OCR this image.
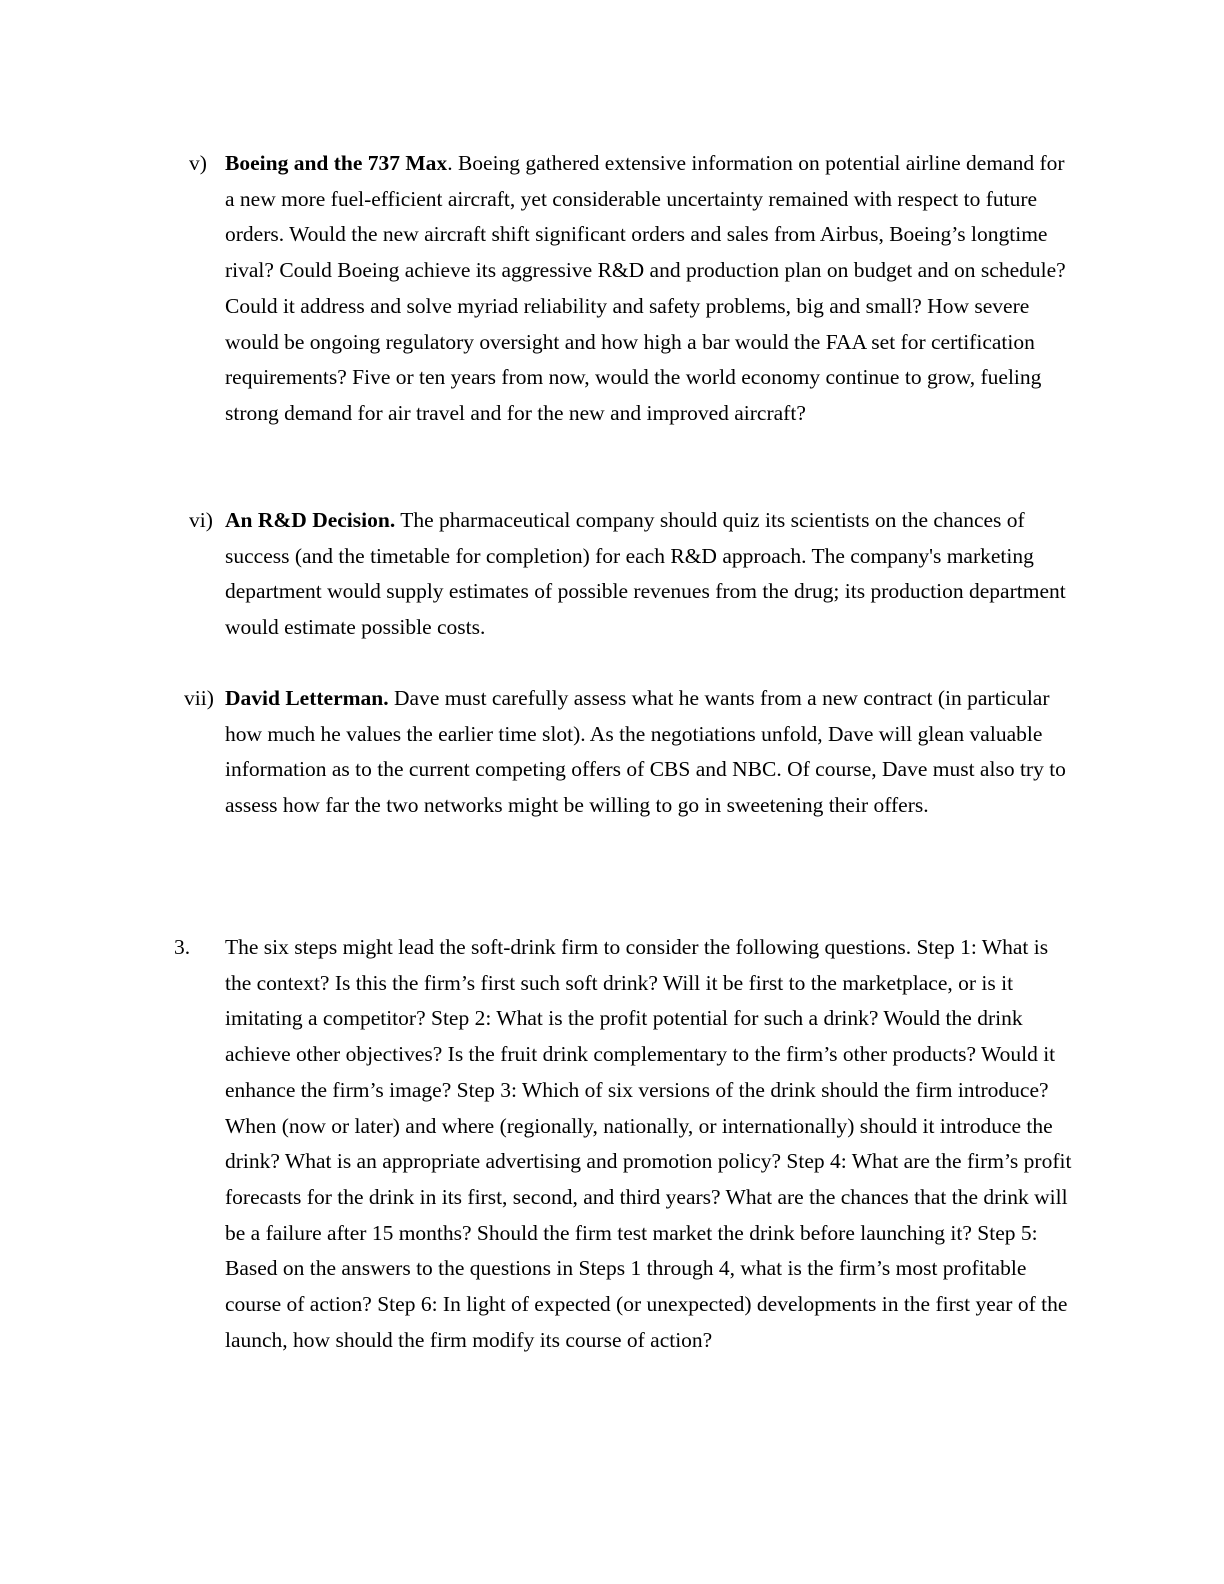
v) Boeing and the 737 Max. Boeing gathered extensive information on potential airline demand for a new more fuel-efficient aircraft, yet considerable uncertainty remained with respect to future orders. Would the new aircraft shift significant orders and sales from Airbus, Boeing’s longtime rival? Could Boeing achieve its aggressive R&D and production plan on budget and on schedule? Could it address and solve myriad reliability and safety problems, big and small? How severe would be ongoing regulatory oversight and how high a bar would the FAA set for certification requirements? Five or ten years from now, would the world economy continue to grow, fueling strong demand for air travel and for the new and improved aircraft?
vi) An R&D Decision. The pharmaceutical company should quiz its scientists on the chances of success (and the timetable for completion) for each R&D approach. The company's marketing department would supply estimates of possible revenues from the drug; its production department would estimate possible costs.
vii) David Letterman. Dave must carefully assess what he wants from a new contract (in particular how much he values the earlier time slot). As the negotiations unfold, Dave will glean valuable information as to the current competing offers of CBS and NBC. Of course, Dave must also try to assess how far the two networks might be willing to go in sweetening their offers.
3. The six steps might lead the soft-drink firm to consider the following questions. Step 1: What is the context? Is this the firm’s first such soft drink? Will it be first to the marketplace, or is it imitating a competitor? Step 2: What is the profit potential for such a drink? Would the drink achieve other objectives? Is the fruit drink complementary to the firm’s other products? Would it enhance the firm’s image? Step 3: Which of six versions of the drink should the firm introduce? When (now or later) and where (regionally, nationally, or internationally) should it introduce the drink? What is an appropriate advertising and promotion policy? Step 4: What are the firm’s profit forecasts for the drink in its first, second, and third years? What are the chances that the drink will be a failure after 15 months? Should the firm test market the drink before launching it? Step 5: Based on the answers to the questions in Steps 1 through 4, what is the firm’s most profitable course of action? Step 6: In light of expected (or unexpected) developments in the first year of the launch, how should the firm modify its course of action?
